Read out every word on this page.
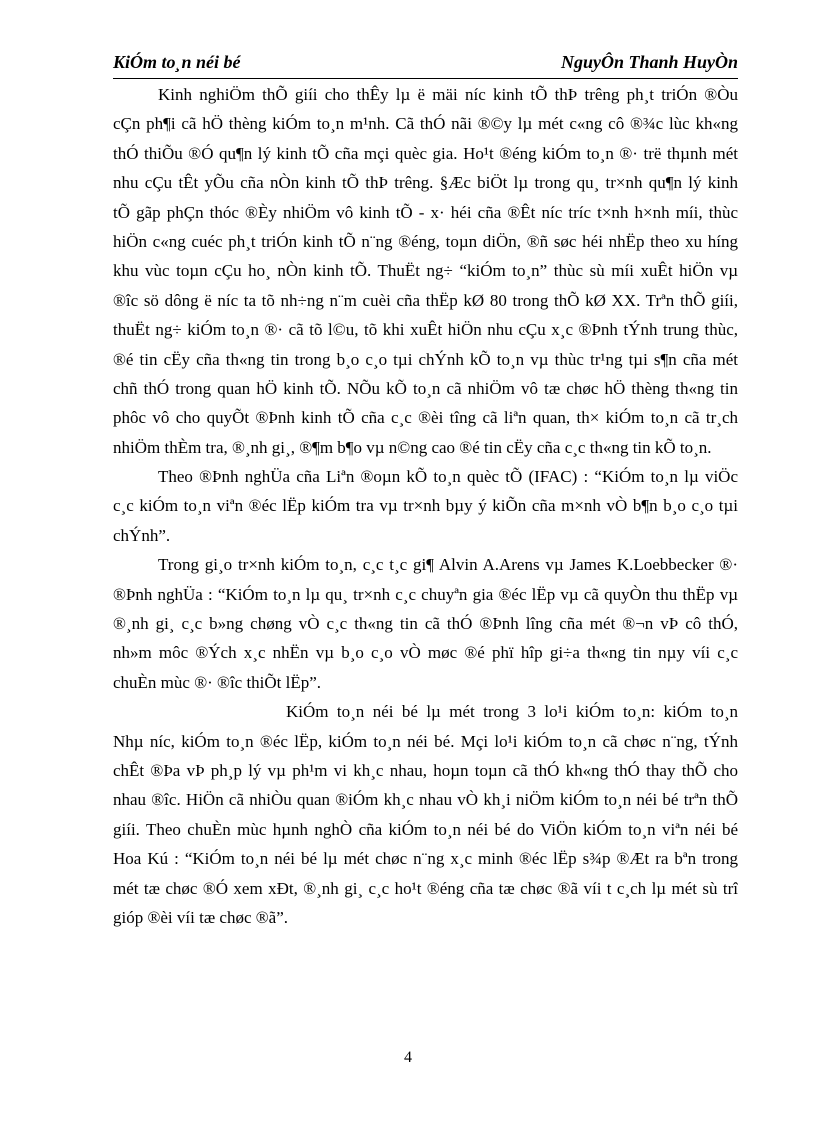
KiÓm to¸n néi bé	NguyÔn Thanh HuyÒn
Kinh nghiÖm thÕ giíi cho thÊy lµ ë mäi níc kinh tÕ thÞ trêng ph¸t triÓn ®Òu
cÇn ph¶i cã hÖ thèng kiÓm to¸n m¹nh. Cã thÓ nãi ®©y lµ mét c«ng cô ®¾c lùc kh«ng
thÓ thiÕu ®Ó qu¶n lý kinh tÕ cña mçi quèc gia. Ho¹t ®éng kiÓm to¸n ®· trë thµnh mét
nhu cÇu tÊt yÕu cña nÒn kinh tÕ thÞ trêng. §Æc biÖt lµ trong qu¸ tr×nh qu¶n lý kinh
tÕ gãp phÇn thóc ®Èy nhiÖm vô kinh tÕ - x· héi cña ®Êt níc tríc t×nh h×nh míi, thùc
hiÖn c«ng cuéc ph¸t triÓn kinh tÕ n¨ng ®éng, toµn diÖn, ®ñ søc héi nhËp theo xu híng
khu vùc toµn cÇu ho¸ nÒn kinh tÕ. ThuËt ng÷ “kiÓm to¸n” thùc sù míi xuÊt hiÖn vµ
®îc sö dông ë níc ta tõ nh÷ng n¨m cuèi cña thËp kØ 80 trong thÕ kØ XX. Trªn thÕ giíi,
thuËt ng÷ kiÓm to¸n ®· cã tõ l©u, tõ khi xuÊt hiÖn nhu cÇu x¸c ®Þnh tÝnh trung thùc,
®é tin cËy cña th«ng tin trong b¸o c¸o tµi chÝnh kÕ to¸n vµ thùc tr¹ng tµi s¶n cña mét
chñ thÓ trong quan hÖ kinh tÕ. NÕu kÕ to¸n cã nhiÖm vô tæ chøc hÖ thèng th«ng tin
phôc vô cho quyÕt ®Þnh kinh tÕ cña c¸c ®èi tîng cã liªn quan, th× kiÓm to¸n cã tr¸ch
nhiÖm thÈm tra, ®¸nh gi¸, ®¶m b¶o vµ n©ng cao ®é tin cËy cña c¸c th«ng tin kÕ to¸n.
Theo ®Þnh nghÜa cña Liªn ®oµn kÕ to¸n quèc tÕ (IFAC) : “KiÓm to¸n lµ viÖc
c¸c kiÓm to¸n viªn ®éc lËp kiÓm tra vµ tr×nh bµy ý kiÕn cña m×nh vÒ b¶n b¸o c¸o tµi
chÝnh”.
Trong gi¸o tr×nh kiÓm to¸n, c¸c t¸c gi¶ Alvin A.Arens vµ James K.Loebbecker ®·
®Þnh nghÜa : “KiÓm to¸n lµ qu¸ tr×nh c¸c chuyªn gia ®éc lËp vµ cã quyÒn thu thËp vµ
®¸nh gi¸ c¸c b»ng chøng vÒ c¸c th«ng tin cã thÓ ®Þnh lîng cña mét ®¬n vÞ cô thÓ,
nh»m môc ®Ých x¸c nhËn vµ b¸o c¸o vÒ møc ®é phï hîp gi÷a th«ng tin nµy víi c¸c
chuÈn mùc ®· ®îc thiÕt lËp”.
KiÓm to¸n néi bé lµ mét trong 3 lo¹i kiÓm to¸n: kiÓm to¸n
Nhµ níc, kiÓm to¸n ®éc lËp, kiÓm to¸n néi bé. Mçi lo¹i kiÓm to¸n cã chøc n¨ng, tÝnh
chÊt ®Þa vÞ ph¸p lý vµ ph¹m vi kh¸c nhau, hoµn toµn cã thÓ kh«ng thÓ thay thÕ cho
nhau ®îc. HiÖn cã nhiÒu quan ®iÓm kh¸c nhau vÒ kh¸i niÖm kiÓm to¸n néi bé trªn thÕ
giíi. Theo chuÈn mùc hµnh nghÒ cña kiÓm to¸n néi bé do ViÖn kiÓm to¸n viªn néi bé
Hoa Kú : “KiÓm to¸n néi bé lµ mét chøc n¨ng x¸c minh ®éc lËp s¾p ®Æt ra bªn trong
mét tæ chøc ®Ó xem xÐt, ®¸nh gi¸ c¸c ho¹t ®éng cña tæ chøc ®ã víi t c¸ch lµ mét sù trî
gióp ®èi víi tæ chøc ®ã”.
4
